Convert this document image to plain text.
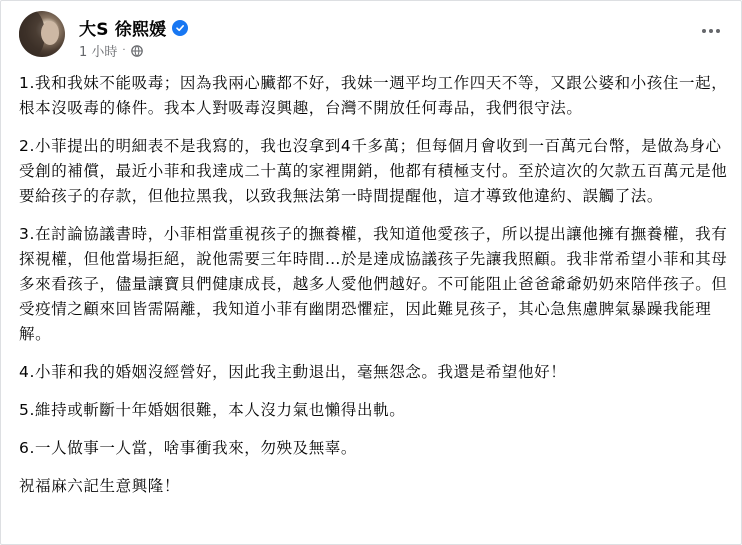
大S 徐熙媛
1 小時 ·

1.我和我妹不能吸毒；因為我兩心臟都不好，我妹一週平均工作四天不等，又跟公婆和小孩住一起，根本沒吸毒的條件。我本人對吸毒沒興趣，台灣不開放任何毒品，我們很守法。

2.小菲提出的明細表不是我寫的，我也沒拿到4千多萬；但每個月會收到一百萬元台幣，是做為身心受創的補償，最近小菲和我達成二十萬的家裡開銷，他都有積極支付。至於這次的欠款五百萬元是他要給孩子的存款，但他拉黑我，以致我無法第一時間提醒他，這才導致他違約、誤觸了法。

3.在討論協議書時，小菲相當重視孩子的撫養權，我知道他愛孩子，所以提出讓他擁有撫養權，我有探視權，但他當場拒絕，說他需要三年時間…於是達成協議孩子先讓我照顧。我非常希望小菲和其母多來看孩子，儘量讓寶貝們健康成長，越多人愛他們越好。不可能阻止爸爸爺爺奶奶來陪伴孩子。但受疫情之顧來回皆需隔離，我知道小菲有幽閉恐懼症，因此難見孩子，其心急焦慮脾氣暴躁我能理解。

4.小菲和我的婚姻沒經營好，因此我主動退出，毫無怨念。我還是希望他好！

5.維持或斬斷十年婚姻很難，本人沒力氣也懶得出軌。

6.一人做事一人當，啥事衝我來，勿殃及無辜。

祝福麻六記生意興隆！
